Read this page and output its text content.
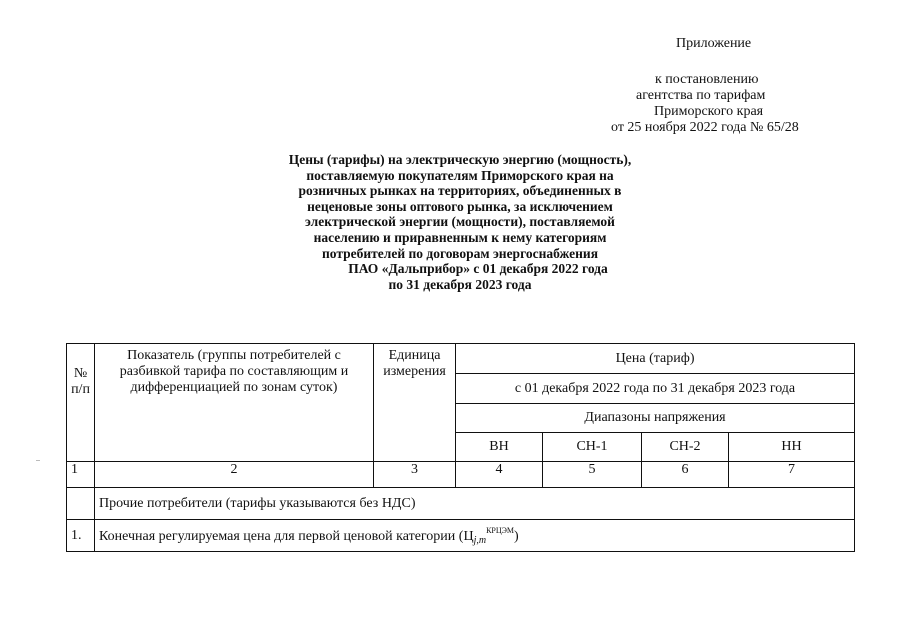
Приложение
к постановлению
агентства по тарифам
Приморского края
от 25 ноября 2022 года № 65/28
Цены (тарифы) на электрическую энергию (мощность),
поставляемую покупателям Приморского края на
розничных рынках на территориях, объединенных в
неценовые зоны оптового рынка, за исключением
электрической энергии (мощности), поставляемой
населению и приравненным к нему категориям
потребителей по договорам энергоснабжения
ПАО «Дальприбор» с 01 декабря 2022 года
по 31 декабря 2023 года
№ п/п	Показатель (группы потребителей с разбивкой тарифа по составляющим и дифференциацией по зонам суток)	Единица измерения	Цена (тариф)			
			с 01 декабря 2022 года по 31 декабря 2023 года			
			Диапазоны напряжения			
			ВН	СН-1	СН-2	НН
1	2	3	4	5	6	7
	Прочие потребители (тарифы указываются без НДС)					
1.	Конечная регулируемая цена для первой ценовой категории $(Ц_{j,m}^{КРЦЭМ})$					
